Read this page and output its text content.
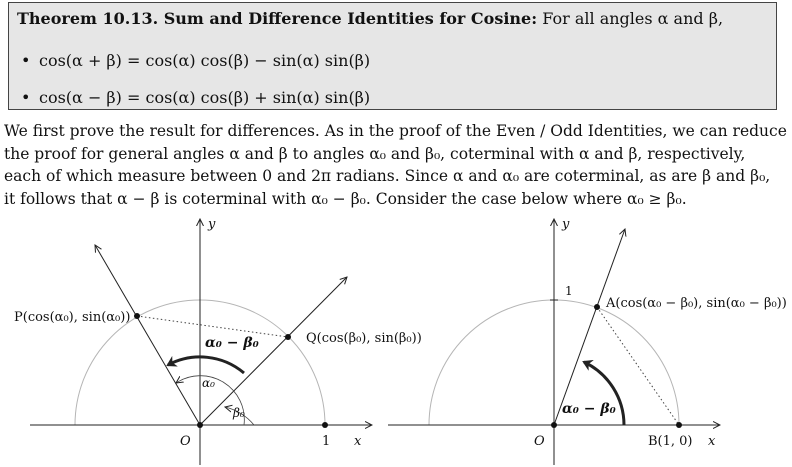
Theorem 10.13. Sum and Difference Identities for Cosine: For all angles α and β,
• cos(α + β) = cos(α) cos(β) − sin(α) sin(β)
• cos(α − β) = cos(α) cos(β) + sin(α) sin(β)

We first prove the result for differences. As in the proof of the Even / Odd Identities, we can reduce

the proof for general angles α and β to angles α₀ and β₀, coterminal with α and β, respectively,

each of which measure between 0 and 2π radians. Since α and α₀ are coterminal, as are β and β₀,

it follows that α − β is coterminal with α₀ − β₀. Consider the case below where α₀ ≥ β₀.

y
x
O	1
P(cos(α₀), sin(α₀))
Q(cos(β₀), sin(β₀))
α₀ − β₀
α₀
β₀
y
x
O
1
A(cos(α₀ − β₀), sin(α₀ − β₀))
B(1, 0)
α₀ − β₀
